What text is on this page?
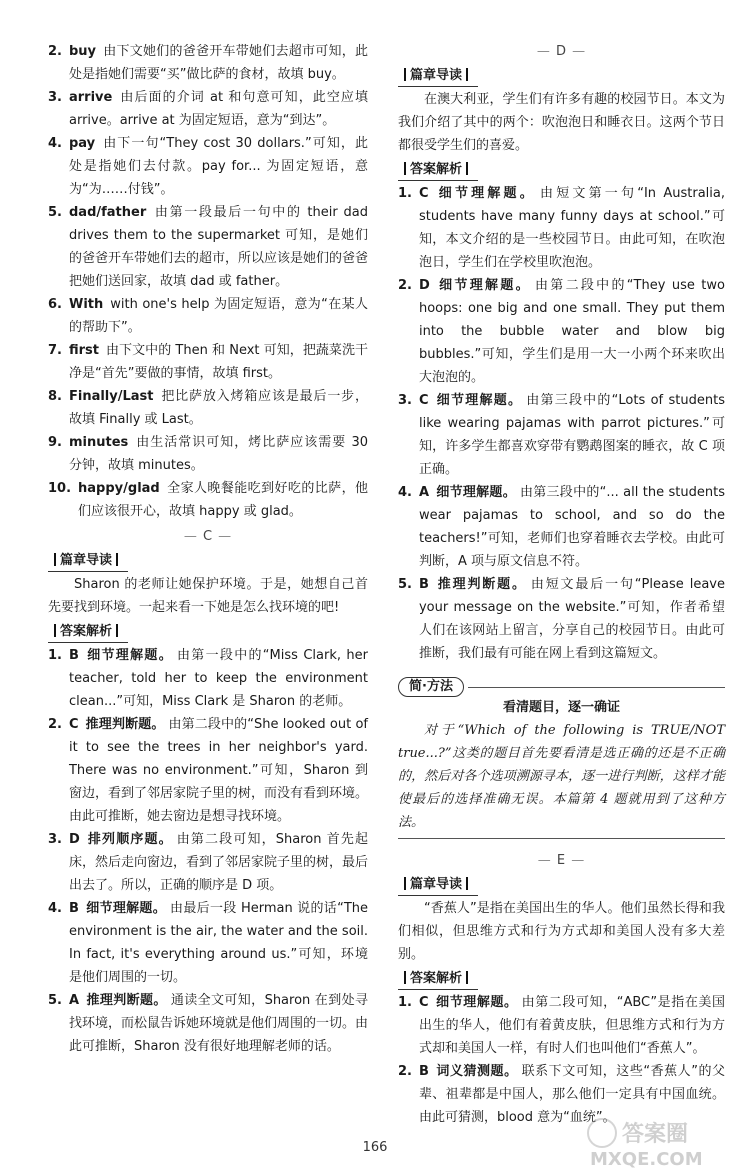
2. buy 由下文她们的爸爸开车带她们去超市可知，此处是指她们需要“买”做比萨的食材，故填 buy。
3. arrive 由后面的介词 at 和句意可知，此空应填 arrive。arrive at 为固定短语，意为“到达”。
4. pay 由下一句“They cost 30 dollars.”可知，此处是指她们去付款。pay for... 为固定短语，意为“为……付钱”。
5. dad/father 由第一段最后一句中的 their dad drives them to the supermarket 可知，是她们的爸爸开车带她们去的超市，所以应该是她们的爸爸把她们送回家，故填 dad 或 father。
6. With with one's help 为固定短语，意为“在某人的帮助下”。
7. first 由下文中的 Then 和 Next 可知，把蔬菜洗干净是“首先”要做的事情，故填 first。
8. Finally/Last 把比萨放入烤箱应该是最后一步，故填 Finally 或 Last。
9. minutes 由生活常识可知，烤比萨应该需要 30 分钟，故填 minutes。
10. happy/glad 全家人晚餐能吃到好吃的比萨，他们应该很开心，故填 happy 或 glad。
— C —
篇章导读
Sharon 的老师让她保护环境。于是，她想自己首先要找到环境。一起来看一下她是怎么找环境的吧!
答案解析
1. B 细节理解题。 由第一段中的“Miss Clark, her teacher, told her to keep the environment clean...”可知，Miss Clark 是 Sharon 的老师。
2. C 推理判断题。 由第二段中的“She looked out of it to see the trees in her neighbor's yard. There was no environment.”可知，Sharon 到窗边，看到了邻居家院子里的树，而没有看到环境。由此可推断，她去窗边是想寻找环境。
3. D 排列顺序题。 由第二段可知，Sharon 首先起床，然后走向窗边，看到了邻居家院子里的树，最后出去了。所以，正确的顺序是 D 项。
4. B 细节理解题。 由最后一段 Herman 说的话“The environment is the air, the water and the soil. In fact, it's everything around us.”可知，环境是他们周围的一切。
5. A 推理判断题。 通读全文可知，Sharon 在到处寻找环境，而松鼠告诉她环境就是他们周围的一切。由此可推断，Sharon 没有很好地理解老师的话。
— D —
篇章导读
在澳大利亚，学生们有许多有趣的校园节日。本文为我们介绍了其中的两个：吹泡泡日和睡衣日。这两个节日都很受学生们的喜爱。
答案解析
1. C 细节理解题。 由短文第一句“In Australia, students have many funny days at school.”可知，本文介绍的是一些校园节日。由此可知，在吹泡泡日，学生们在学校里吹泡泡。
2. D 细节理解题。 由第二段中的“They use two hoops: one big and one small. They put them into the bubble water and blow big bubbles.”可知，学生们是用一大一小两个环来吹出大泡泡的。
3. C 细节理解题。 由第三段中的“Lots of students like wearing pajamas with parrot pictures.”可知，许多学生都喜欢穿带有鹦鹉图案的睡衣，故 C 项正确。
4. A 细节理解题。 由第三段中的“... all the students wear pajamas to school, and so do the teachers!”可知，老师们也穿着睡衣去学校。由此可判断，A 项与原文信息不符。
5. B 推理判断题。 由短文最后一句“Please leave your message on the website.”可知，作者希望人们在该网站上留言，分享自己的校园节日。由此可推断，我们最有可能在网上看到这篇短文。
简·方法
看清题目，逐一确证
对于“Which of the following is TRUE/NOT true...?”这类的题目首先要看清是选正确的还是不正确的，然后对各个选项溯源寻本，逐一进行判断，这样才能使最后的选择准确无误。本篇第 4 题就用到了这种方法。
— E —
篇章导读
“香蕉人”是指在美国出生的华人。他们虽然长得和我们相似，但思维方式和行为方式却和美国人没有多大差别。
答案解析
1. C 细节理解题。 由第二段可知，“ABC”是指在美国出生的华人，他们有着黄皮肤，但思维方式和行为方式却和美国人一样，有时人们也叫他们“香蕉人”。
2. B 词义猜测题。 联系下文可知，这些“香蕉人”的父辈、祖辈都是中国人，那么他们一定具有中国血统。由此可猜测，blood 意为“血统”。
166
答案圈
MXQE.COM
